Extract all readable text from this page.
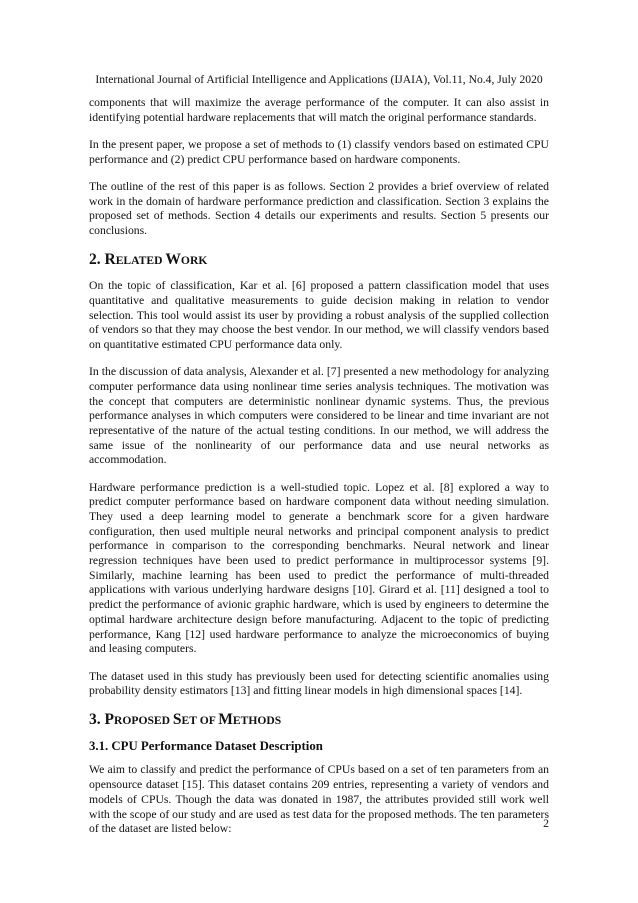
International Journal of Artificial Intelligence and Applications (IJAIA), Vol.11, No.4, July 2020

components that will maximize the average performance of the computer. It can also assist in identifying potential hardware replacements that will match the original performance standards.

In the present paper, we propose a set of methods to (1) classify vendors based on estimated CPU performance and (2) predict CPU performance based on hardware components.

The outline of the rest of this paper is as follows. Section 2 provides a brief overview of related work in the domain of hardware performance prediction and classification. Section 3 explains the proposed set of methods. Section 4 details our experiments and results. Section 5 presents our conclusions.

2. RELATED WORK

On the topic of classification, Kar et al. [6] proposed a pattern classification model that uses quantitative and qualitative measurements to guide decision making in relation to vendor selection. This tool would assist its user by providing a robust analysis of the supplied collection of vendors so that they may choose the best vendor. In our method, we will classify vendors based on quantitative estimated CPU performance data only.

In the discussion of data analysis, Alexander et al. [7] presented a new methodology for analyzing computer performance data using nonlinear time series analysis techniques. The motivation was the concept that computers are deterministic nonlinear dynamic systems. Thus, the previous performance analyses in which computers were considered to be linear and time invariant are not representative of the nature of the actual testing conditions. In our method, we will address the same issue of the nonlinearity of our performance data and use neural networks as accommodation.

Hardware performance prediction is a well-studied topic. Lopez et al. [8] explored a way to predict computer performance based on hardware component data without needing simulation. They used a deep learning model to generate a benchmark score for a given hardware configuration, then used multiple neural networks and principal component analysis to predict performance in comparison to the corresponding benchmarks. Neural network and linear regression techniques have been used to predict performance in multiprocessor systems [9]. Similarly, machine learning has been used to predict the performance of multi-threaded applications with various underlying hardware designs [10]. Girard et al. [11] designed a tool to predict the performance of avionic graphic hardware, which is used by engineers to determine the optimal hardware architecture design before manufacturing. Adjacent to the topic of predicting performance, Kang [12] used hardware performance to analyze the microeconomics of buying and leasing computers.

The dataset used in this study has previously been used for detecting scientific anomalies using probability density estimators [13] and fitting linear models in high dimensional spaces [14].

3. PROPOSED SET OF METHODS
3.1. CPU Performance Dataset Description

We aim to classify and predict the performance of CPUs based on a set of ten parameters from an opensource dataset [15]. This dataset contains 209 entries, representing a variety of vendors and models of CPUs. Though the data was donated in 1987, the attributes provided still work well with the scope of our study and are used as test data for the proposed methods. The ten parameters of the dataset are listed below:	2
